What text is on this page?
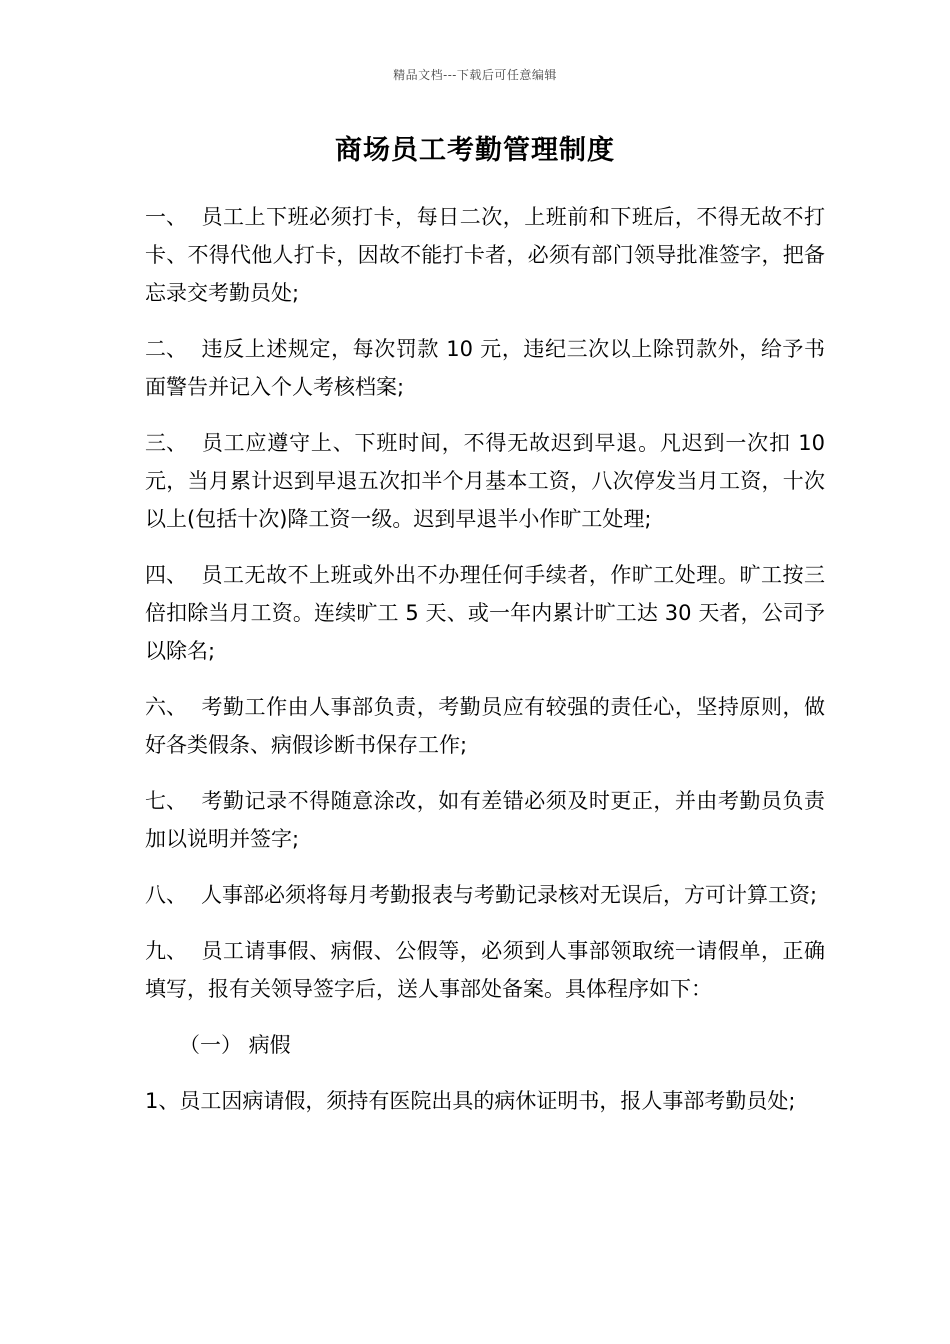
精品文档---下载后可任意编辑
商场员工考勤管理制度

一、 员工上下班必须打卡，每日二次，上班前和下班后，不得无故不打卡、不得代他人打卡，因故不能打卡者，必须有部门领导批准签字，把备忘录交考勤员处;

二、 违反上述规定，每次罚款 10 元，违纪三次以上除罚款外，给予书面警告并记入个人考核档案;

三、 员工应遵守上、下班时间，不得无故迟到早退。凡迟到一次扣 10 元，当月累计迟到早退五次扣半个月基本工资，八次停发当月工资，十次以上(包括十次)降工资一级。迟到早退半小作旷工处理;

四、 员工无故不上班或外出不办理任何手续者，作旷工处理。旷工按三倍扣除当月工资。连续旷工 5 天、或一年内累计旷工达 30 天者，公司予以除名;

六、 考勤工作由人事部负责，考勤员应有较强的责任心，坚持原则，做好各类假条、病假诊断书保存工作;

七、 考勤记录不得随意涂改，如有差错必须及时更正，并由考勤员负责加以说明并签字;

八、 人事部必须将每月考勤报表与考勤记录核对无误后，方可计算工资;

九、 员工请事假、病假、公假等，必须到人事部领取统一请假单，正确填写，报有关领导签字后，送人事部处备案。具体程序如下：

（一） 病假

1、员工因病请假，须持有医院出具的病休证明书，报人事部考勤员处;
